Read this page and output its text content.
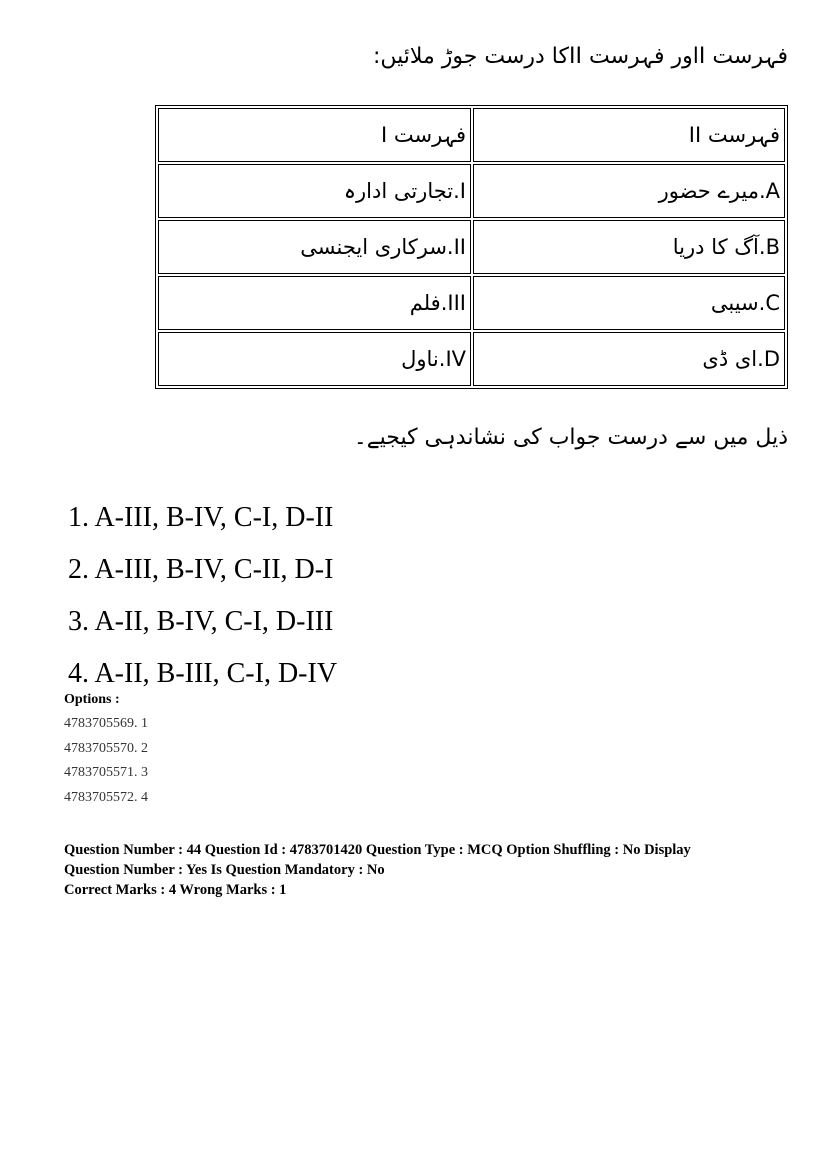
فہرست Iاور فہرست IIکا درست جوڑ ملائیں:
فہرست I	فہرست II
I.تجارتی ادارہ	A.میرے حضور
II.سرکاری ایجنسی	B.آگ کا دریا
III.فلم	C.سیبی
IV.ناول	D.ای ڈی
ذیل میں سے درست جواب کی نشاندہی کیجیے۔
1. A-III, B-IV, C-I, D-II
2. A-III, B-IV, C-II, D-I
3. A-II, B-IV, C-I, D-III
4. A-II, B-III, C-I, D-IV
Options :
4783705569. 1
4783705570. 2
4783705571. 3
4783705572. 4
Question Number : 44 Question Id : 4783701420 Question Type : MCQ Option Shuffling : No Display
Question Number : Yes Is Question Mandatory : No
Correct Marks : 4 Wrong Marks : 1
